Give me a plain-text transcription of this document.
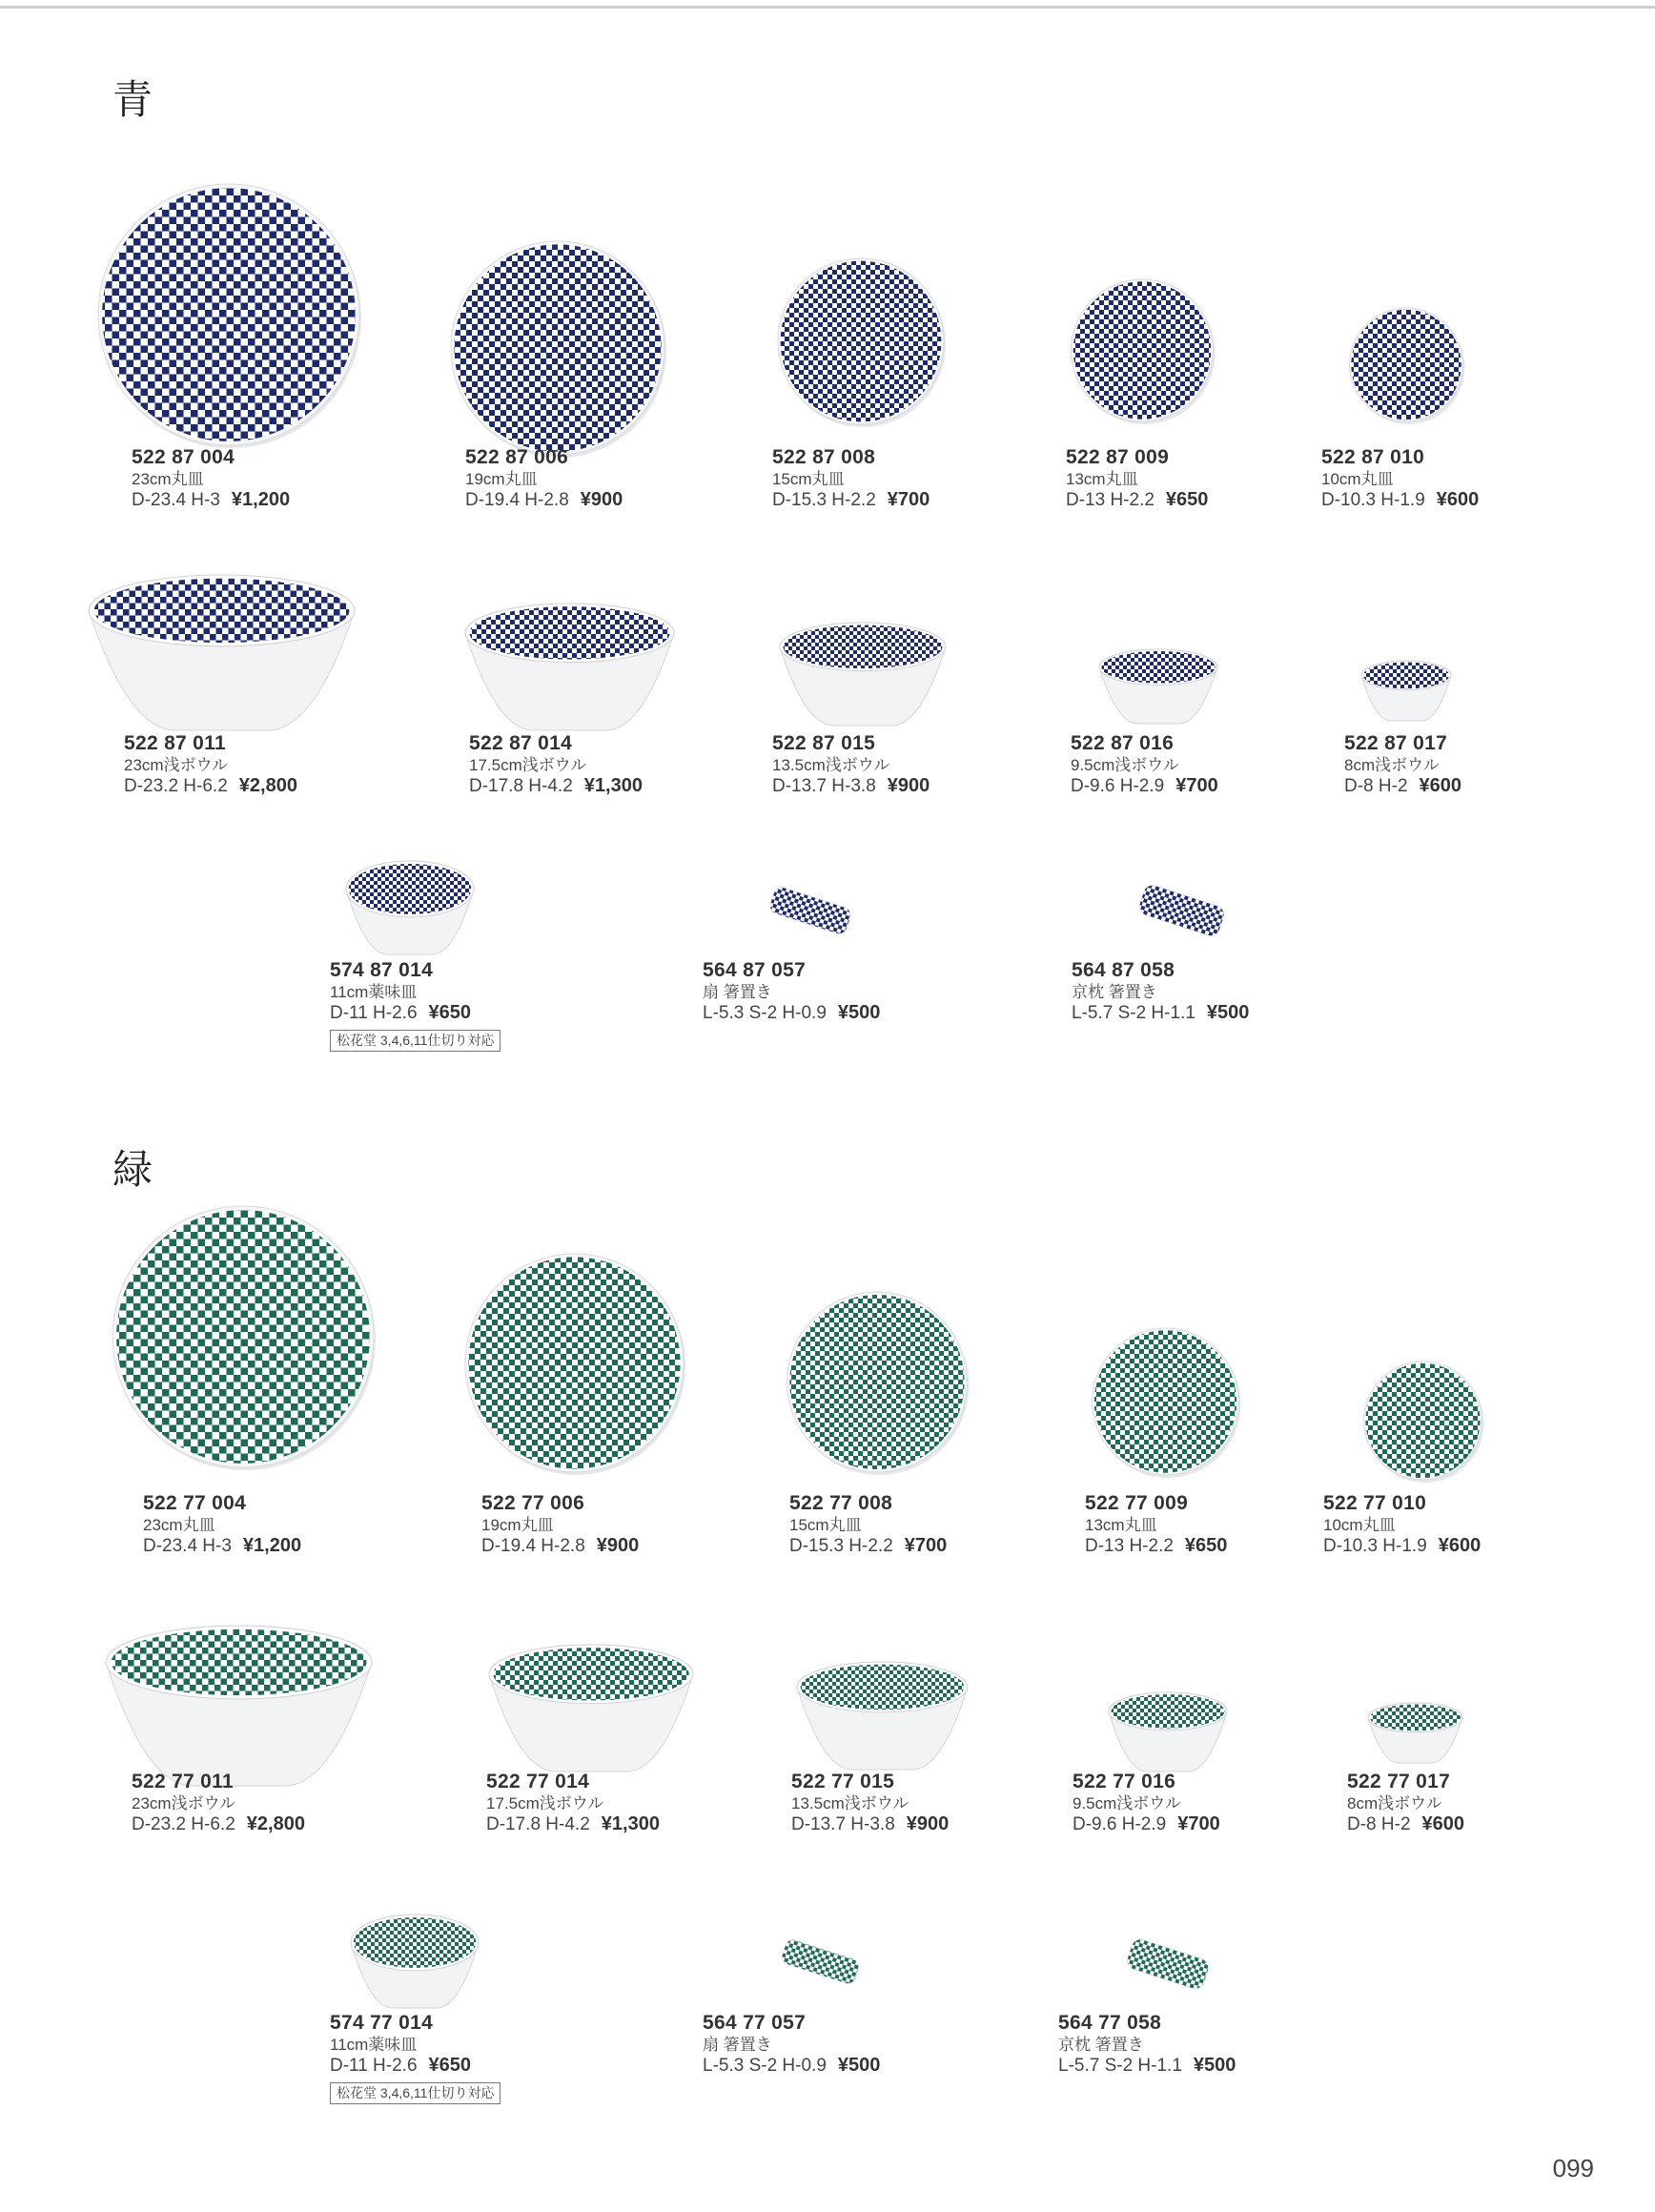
青
緑
522 87 004
23cm丸皿
D-23.4 H-3 ¥1,200
522 87 006
19cm丸皿
D-19.4 H-2.8 ¥900
522 87 008
15cm丸皿
D-15.3 H-2.2 ¥700
522 87 009
13cm丸皿
D-13 H-2.2 ¥650
522 87 010
10cm丸皿
D-10.3 H-1.9 ¥600
522 87 011
23cm浅ボウル
D-23.2 H-6.2 ¥2,800
522 87 014
17.5cm浅ボウル
D-17.8 H-4.2 ¥1,300
522 87 015
13.5cm浅ボウル
D-13.7 H-3.8 ¥900
522 87 016
9.5cm浅ボウル
D-9.6 H-2.9 ¥700
522 87 017
8cm浅ボウル
D-8 H-2 ¥600
574 87 014
11cm薬味皿
D-11 H-2.6 ¥650
松花堂 3,4,6,11仕切り対応
564 87 057
扇 箸置き
L-5.3 S-2 H-0.9 ¥500
564 87 058
京枕 箸置き
L-5.7 S-2 H-1.1 ¥500
522 77 004
23cm丸皿
D-23.4 H-3 ¥1,200
522 77 006
19cm丸皿
D-19.4 H-2.8 ¥900
522 77 008
15cm丸皿
D-15.3 H-2.2 ¥700
522 77 009
13cm丸皿
D-13 H-2.2 ¥650
522 77 010
10cm丸皿
D-10.3 H-1.9 ¥600
522 77 011
23cm浅ボウル
D-23.2 H-6.2 ¥2,800
522 77 014
17.5cm浅ボウル
D-17.8 H-4.2 ¥1,300
522 77 015
13.5cm浅ボウル
D-13.7 H-3.8 ¥900
522 77 016
9.5cm浅ボウル
D-9.6 H-2.9 ¥700
522 77 017
8cm浅ボウル
D-8 H-2 ¥600
574 77 014
11cm薬味皿
D-11 H-2.6 ¥650
松花堂 3,4,6,11仕切り対応
564 77 057
扇 箸置き
L-5.3 S-2 H-0.9 ¥500
564 77 058
京枕 箸置き
L-5.7 S-2 H-1.1 ¥500
099
